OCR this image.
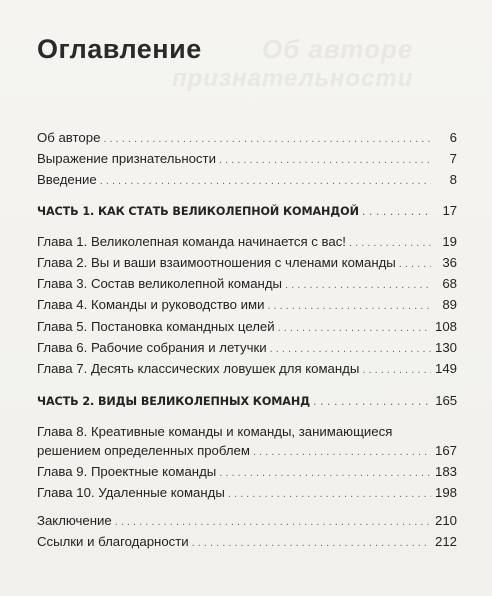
Об авторе
признательности
Оглавление
Об авторе . . .	6
Выражение признательности . . .	7
Введение . . .	8
ЧАСТЬ 1. КАК СТАТЬ ВЕЛИКОЛЕПНОЙ КОМАНДОЙ . . .	17
Глава 1. Великолепная команда начинается с вас! . . .	19
Глава 2. Вы и ваши взаимоотношения с членами команды . . .	36
Глава 3. Состав великолепной команды . . .	68
Глава 4. Команды и руководство ими . . .	89
Глава 5. Постановка командных целей . . .	108
Глава 6. Рабочие собрания и летучки . . .	130
Глава 7. Десять классических ловушек для команды . . .	149
ЧАСТЬ 2. ВИДЫ ВЕЛИКОЛЕПНЫХ КОМАНД . . .	165
Глава 8. Креативные команды и команды, занимающиеся
решением определенных проблем . . .	167
Глава 9. Проектные команды . . .	183
Глава 10. Удаленные команды . . .	198
Заключение . . .	210
Ссылки и благодарности . . .	212
